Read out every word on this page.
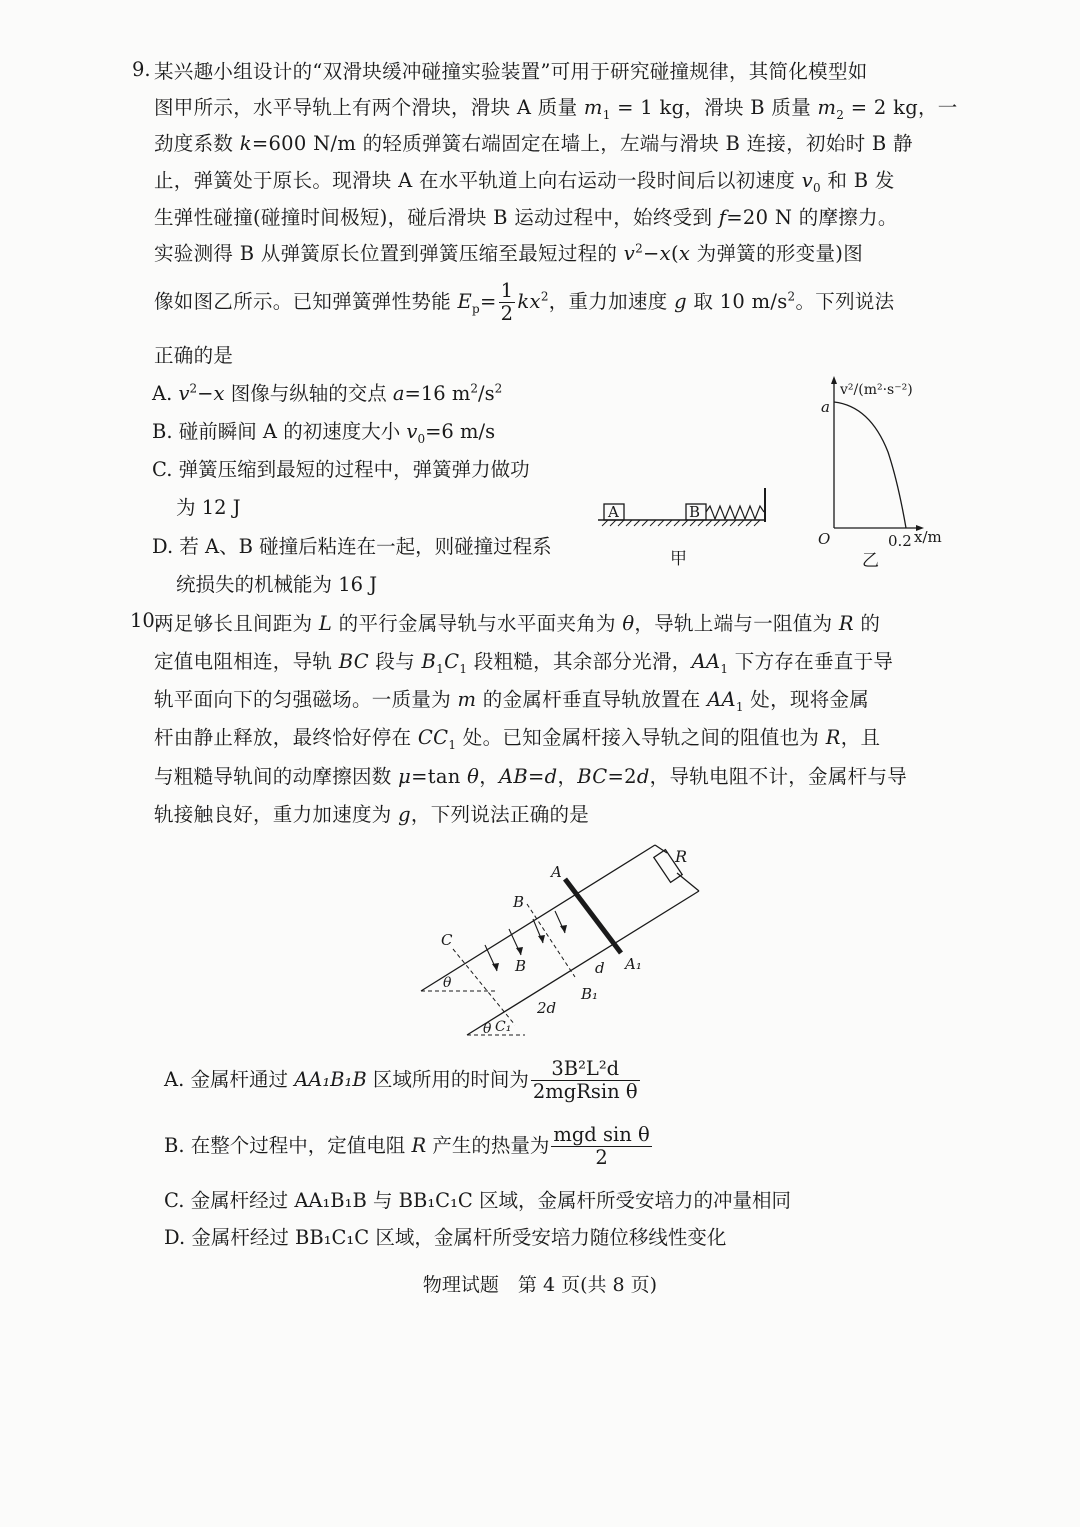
9. 某兴趣小组设计的“双滑块缓冲碰撞实验装置”可用于研究碰撞规律，其简化模型如
图甲所示，水平导轨上有两个滑块，滑块 A 质量 $m_1 = 1$ kg，滑块 B 质量 $m_2 = 2$ kg，一
劲度系数 k=600 N/m 的轻质弹簧右端固定在墙上，左端与滑块 B 连接，初始时 B 静
止，弹簧处于原长。现滑块 A 在水平轨道上向右运动一段时间后以初速度 $v_0$ 和 B 发
生弹性碰撞(碰撞时间极短)，碰后滑块 B 运动过程中，始终受到 f=20 N 的摩擦力。
实验测得 B 从弹簧原长位置到弹簧压缩至最短过程的 $v^2-x(x$ 为弹簧的形变量)图
像如图乙所示。已知弹簧弹性势能 $E_p= \frac{1}{2} kx^2$，重力加速度 g 取 10 $m/s^2$。下列说法
正确的是
A. $v^2-x$ 图像与纵轴的交点 a=16 $m^2/s^2$
B. 碰前瞬间 A 的初速度大小 $v_0=6$ m/s
C. 弹簧压缩到最短的过程中，弹簧弹力做功
为 12 J
D. 若 A、B 碰撞后粘连在一起，则碰撞过程系
统损失的机械能为 16 J
A	B
甲
v²/(m²·s⁻²)
a
O	0.2 x/m
乙
10.
两足够长且间距为 L 的平行金属导轨与水平面夹角为 θ，导轨上端与一阻值为 R 的
定值电阻相连，导轨 BC 段与 $B_1C_1$ 段粗糙，其余部分光滑，$AA_1$ 下方存在垂直于导
轨平面向下的匀强磁场。一质量为 m 的金属杆垂直导轨放置在 $AA_1$ 处，现将金属
杆由静止释放，最终恰好停在 $CC_1$ 处。已知金属杆接入导轨之间的阻值也为 R，且
与粗糙导轨间的动摩擦因数 μ=tan θ，AB=d，BC=2d，导轨电阻不计，金属杆与导
轨接触良好，重力加速度为 g，下列说法正确的是
R
A
A₁
B
C
B	d
B₁
2d
θ
θ C₁
A. 金属杆通过 AA₁B₁B 区域所用的时间为 $\frac{\text{3B²L²d}}{\text{2mgRsin θ}}$
B. 在整个过程中，定值电阻 R 产生的热量为 $\frac{\text{mgd sin θ}}{2}$
C. 金属杆经过 AA₁B₁B 与 BB₁C₁C 区域，金属杆所受安培力的冲量相同
D. 金属杆经过 BB₁C₁C 区域，金属杆所受安培力随位移线性变化
物理试题　第 4 页(共 8 页)
